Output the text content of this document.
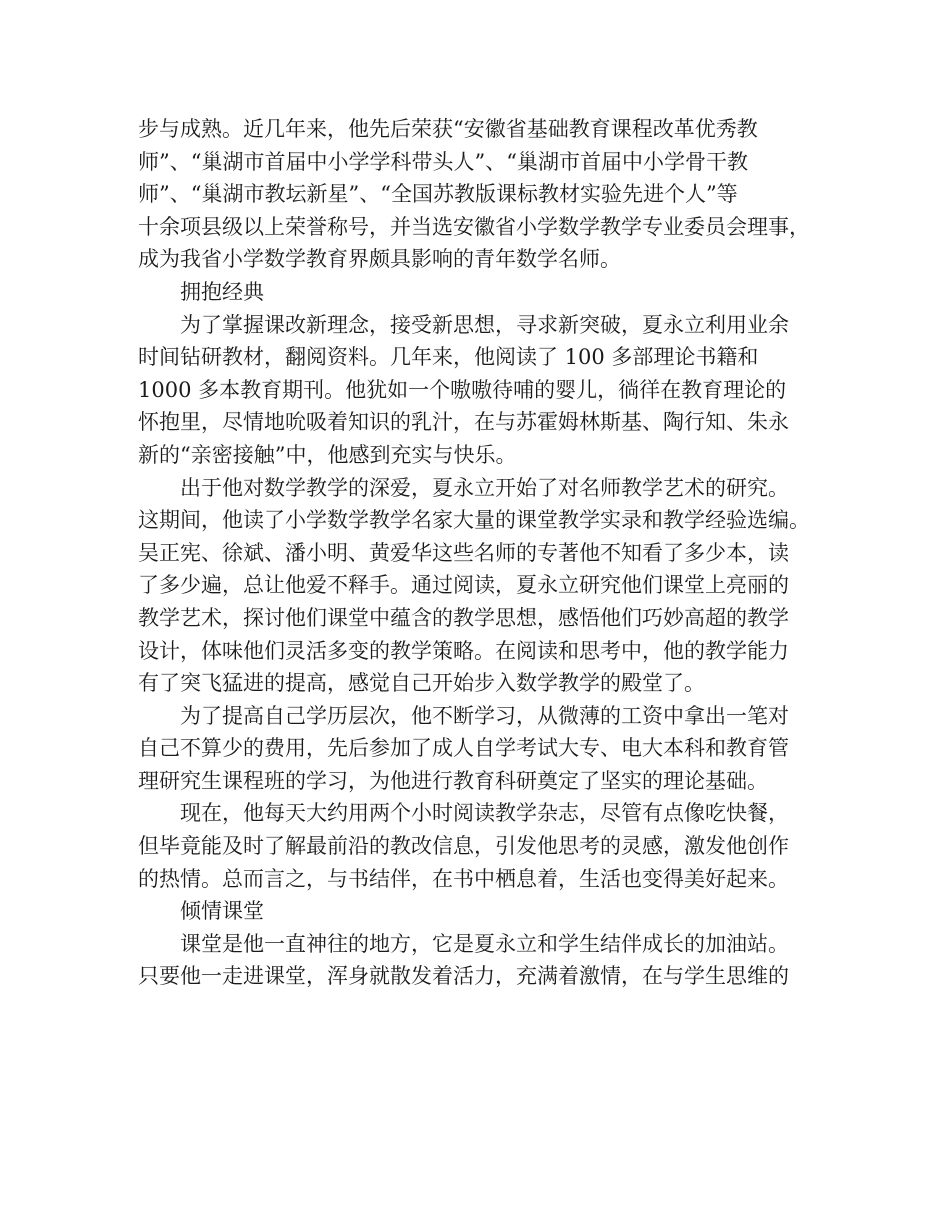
步与成熟。近几年来，他先后荣获“安徽省基础教育课程改革优秀教
师”、“巢湖市首届中小学学科带头人”、“巢湖市首届中小学骨干教
师”、“巢湖市教坛新星”、“全国苏教版课标教材实验先进个人”等
十余项县级以上荣誉称号，并当选安徽省小学数学教学专业委员会理事，
成为我省小学数学教育界颇具影响的青年数学名师。
拥抱经典
为了掌握课改新理念，接受新思想，寻求新突破，夏永立利用业余
时间钻研教材，翻阅资料。几年来，他阅读了 100 多部理论书籍和
1000 多本教育期刊。他犹如一个嗷嗷待哺的婴儿，徜徉在教育理论的
怀抱里，尽情地吮吸着知识的乳汁，在与苏霍姆林斯基、陶行知、朱永
新的“亲密接触”中，他感到充实与快乐。
出于他对数学教学的深爱，夏永立开始了对名师教学艺术的研究。
这期间，他读了小学数学教学名家大量的课堂教学实录和教学经验选编。
吴正宪、徐斌、潘小明、黄爱华这些名师的专著他不知看了多少本，读
了多少遍，总让他爱不释手。通过阅读，夏永立研究他们课堂上亮丽的
教学艺术，探讨他们课堂中蕴含的教学思想，感悟他们巧妙高超的教学
设计，体味他们灵活多变的教学策略。在阅读和思考中，他的教学能力
有了突飞猛进的提高，感觉自己开始步入数学教学的殿堂了。
为了提高自己学历层次，他不断学习，从微薄的工资中拿出一笔对
自己不算少的费用，先后参加了成人自学考试大专、电大本科和教育管
理研究生课程班的学习，为他进行教育科研奠定了坚实的理论基础。
现在，他每天大约用两个小时阅读教学杂志，尽管有点像吃快餐，
但毕竟能及时了解最前沿的教改信息，引发他思考的灵感，激发他创作
的热情。总而言之，与书结伴，在书中栖息着，生活也变得美好起来。
倾情课堂
课堂是他一直神往的地方，它是夏永立和学生结伴成长的加油站。
只要他一走进课堂，浑身就散发着活力，充满着激情，在与学生思维的
